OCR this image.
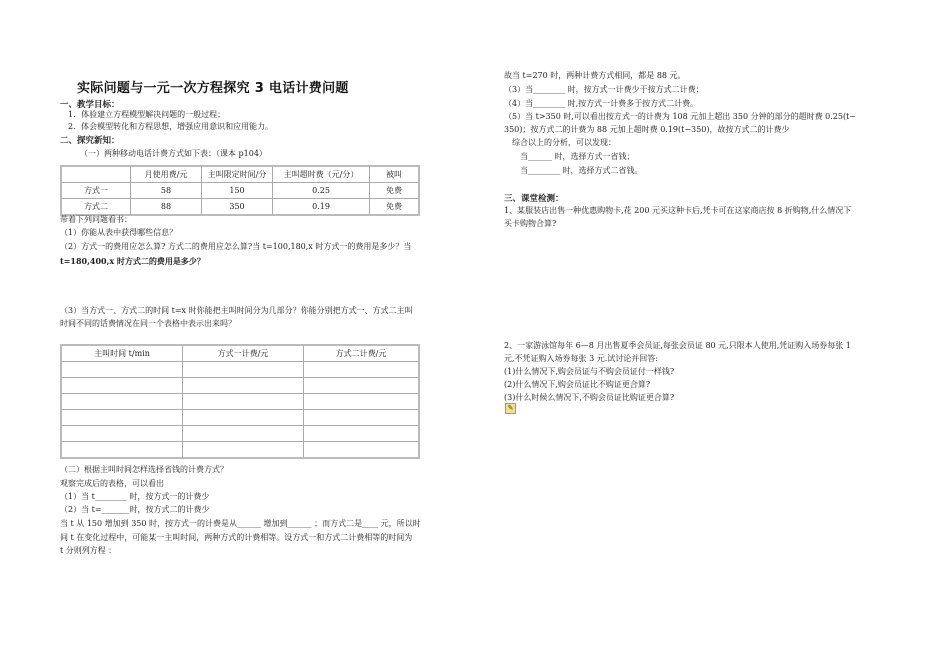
实际问题与一元一次方程探究 3 电话计费问题
一、教学目标：
1．体验建立方程模型解决问题的一般过程；
2．体会模型转化和方程思想，增强应用意识和应用能力。
二、探究新知：
（一）两种移动电话计费方式如下表：（课本 p104）
	月使用费/元	主叫限定时间/分	主叫超时费（元/分）	被叫
方式一	58	150	0.25	免费
方式二	88	350	0.19	免费
带着下列问题看书：
（1）你能从表中获得哪些信息？
（2）方式一的费用应怎么算? 方式二的费用应怎么算?当 t=100,180,x 时方式一的费用是多少？当
t=180,400,x 时方式二的费用是多少？
（3）当方式一、方式二的时间 t=x 时你能把主叫时间分为几部分？你能分别把方式一、方式二主叫
时间不同的话费情况在同一个表格中表示出来吗？
主叫时间 t/min	方式一计费/元	方式二计费/元

（二）根据主叫时间怎样选择省钱的计费方式？
观察完成后的表格，可以看出
（1）当 t________ 时，按方式一的计费少
（2）当 t=_______时，按方式二的计费少
当 t 从 150 增加到 350 时，按方式一的计费是从______ 增加到______ ；而方式二是____ 元，所以时
间 t 在变化过程中，可能某一主叫时间，两种方式的计费相等。设方式一和方式二计费相等的时间为
t 分则列方程 ：
故当 t=270 时，两种计费方式相同，都是 88 元。
（3）当________ 时，按方式一计费少于按方式二计费；
（4）当________ 时,按方式一计费多于按方式二计费。
（5）当 t>350 时,可以看出按方式一的计费为 108 元加上超出 350 分钟的部分的超时费 0.25(t−
350)；按方式二的计费为 88 元加上超时费 0.19(t−350)，故按方式二的计费少
综合以上的分析，可以发现：
当______ 时，选择方式一省钱；
当________ 时，选择方式二省钱。
三、课堂检测：
1、某服装店出售一种优惠购物卡,花 200 元买这种卡后,凭卡可在这家商店按 8 折购物,什么情况下
买卡购物合算?
2、一家游泳馆每年 6—8 月出售夏季会员证,每张会员证 80 元,只限本人使用,凭证购入场券每张 1
元,不凭证购入场券每张 3 元.试讨论并回答:
(1)什么情况下,购会员证与不购会员证付一样钱?
(2)什么情况下,购会员证比不购证更合算?
(3)什么时候么情况下,不购会员证比购证更合算?
✎
